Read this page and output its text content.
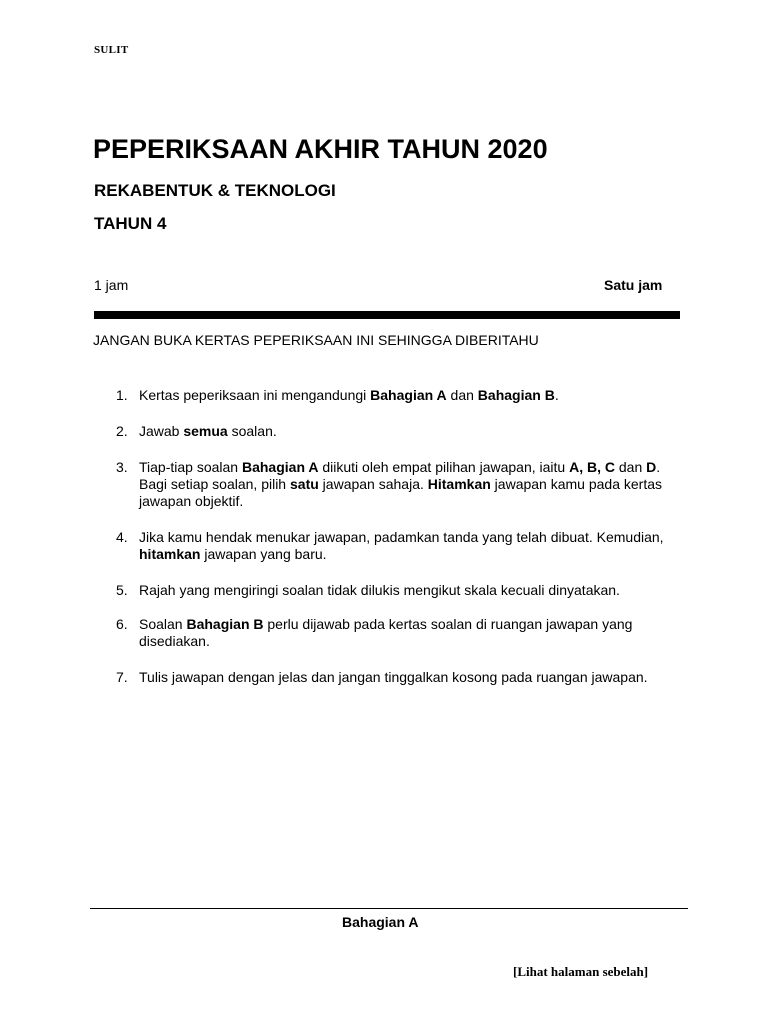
SULIT
PEPERIKSAAN AKHIR TAHUN 2020
REKABENTUK & TEKNOLOGI
TAHUN 4
1 jam	Satu jam
JANGAN BUKA KERTAS PEPERIKSAAN INI SEHINGGA DIBERITAHU
1. Kertas peperiksaan ini mengandungi Bahagian A dan Bahagian B.
2. Jawab semua soalan.
3. Tiap-tiap soalan Bahagian A diikuti oleh empat pilihan jawapan, iaitu A, B, C dan D. Bagi setiap soalan, pilih satu jawapan sahaja. Hitamkan jawapan kamu pada kertas jawapan objektif.
4. Jika kamu hendak menukar jawapan, padamkan tanda yang telah dibuat. Kemudian, hitamkan jawapan yang baru.
5. Rajah yang mengiringi soalan tidak dilukis mengikut skala kecuali dinyatakan.
6. Soalan Bahagian B perlu dijawab pada kertas soalan di ruangan jawapan yang disediakan.
7. Tulis jawapan dengan jelas dan jangan tinggalkan kosong pada ruangan jawapan.
Bahagian A
[Lihat halaman sebelah]
